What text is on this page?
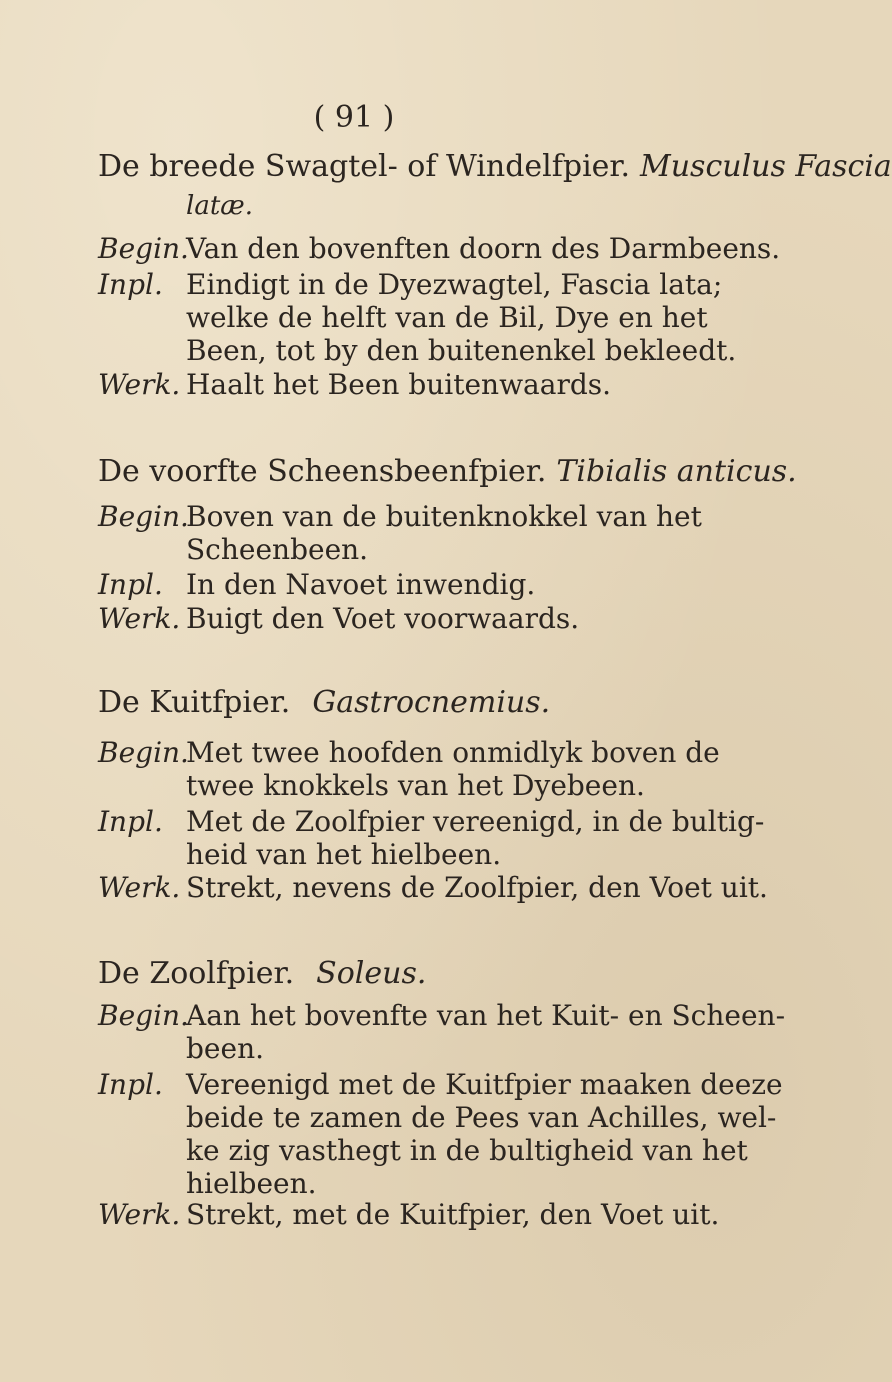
( 91 )
De breede Swagtel- of Windelfpier. Musculus Fascia
latæ.
Begin.
Van den bovenften doorn des Darmbeens.
Inpl. Eindigt in de Dyezwagtel, Fascia lata;
welke de helft van de Bil, Dye en het
Been, tot by den buitenenkel bekleedt.
Werk. Haalt het Been buitenwaards.
De voorfte Scheensbeenfpier. Tibialis anticus.
Begin.
Boven van de buitenknokkel van het
Scheenbeen.
Inpl. In den Navoet inwendig.
Werk. Buigt den Voet voorwaards.
De Kuitfpier. Gastrocnemius.
Begin.
Met twee hoofden onmidlyk boven de
twee knokkels van het Dyebeen.
Inpl. Met de Zoolfpier vereenigd, in de bultig-
heid van het hielbeen.
Werk. Strekt, nevens de Zoolfpier, den Voet uit.
De Zoolfpier. Soleus.
Begin.
Aan het bovenfte van het Kuit- en Scheen-
been.
Inpl. Vereenigd met de Kuitfpier maaken deeze
beide te zamen de Pees van Achilles, wel-
ke zig vasthegt in de bultigheid van het
hielbeen.
Werk. Strekt, met de Kuitfpier, den Voet uit.
